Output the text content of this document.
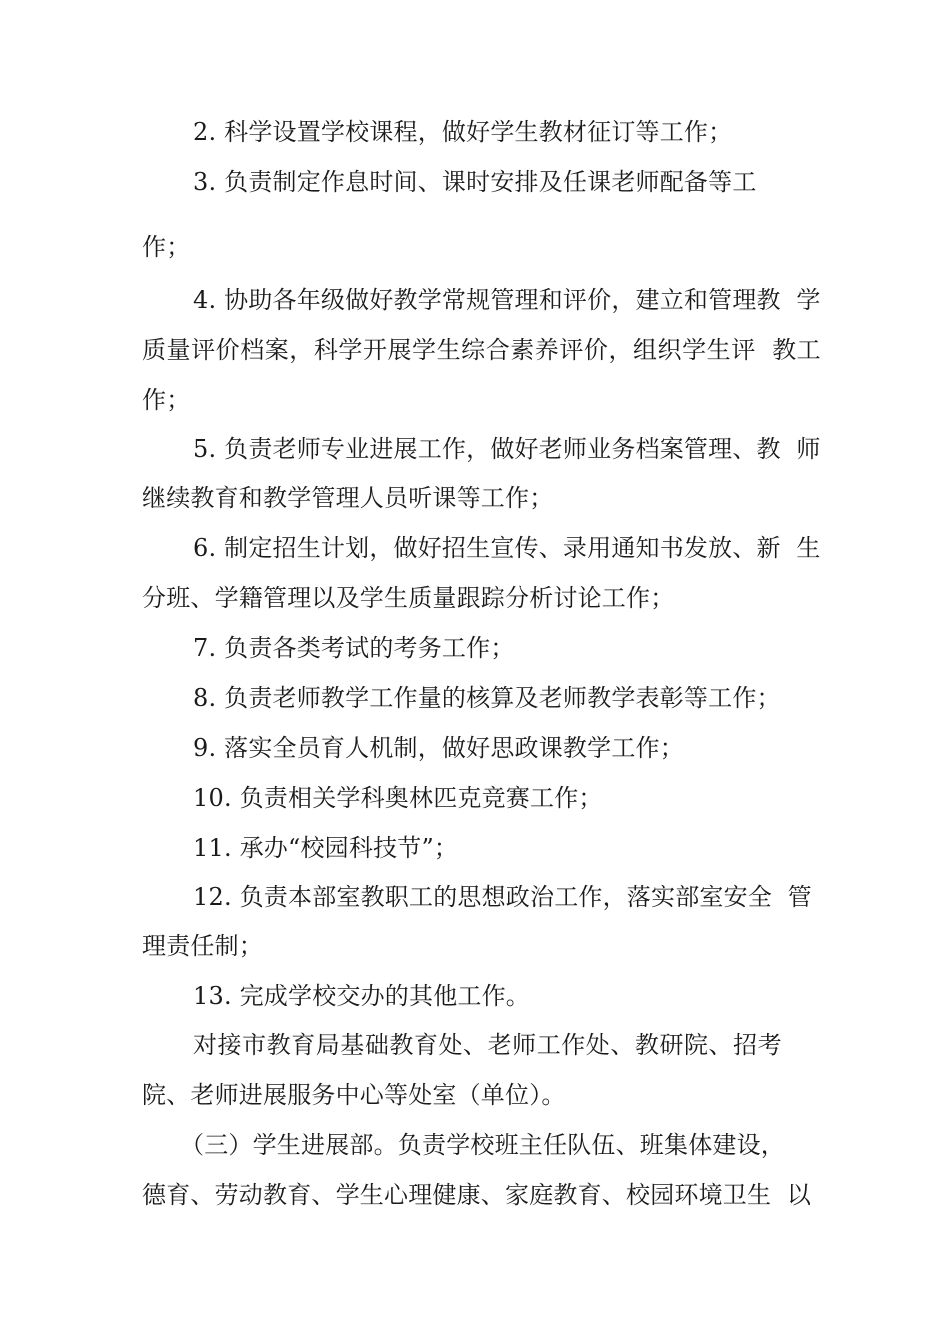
2. 科学设置学校课程，做好学生教材征订等工作；
3. 负责制定作息时间、课时安排及任课老师配备等工
作；
4. 协助各年级做好教学常规管理和评价，建立和管理教  学
质量评价档案，科学开展学生综合素养评价，组织学生评  教工
作；
5. 负责老师专业进展工作，做好老师业务档案管理、教  师
继续教育和教学管理人员听课等工作；
6. 制定招生计划，做好招生宣传、录用通知书发放、新  生
分班、学籍管理以及学生质量跟踪分析讨论工作；
7. 负责各类考试的考务工作；
8. 负责老师教学工作量的核算及老师教学表彰等工作；
9. 落实全员育人机制，做好思政课教学工作；
10. 负责相关学科奥林匹克竞赛工作；
11. 承办“校园科技节”；
12. 负责本部室教职工的思想政治工作，落实部室安全  管
理责任制；
13. 完成学校交办的其他工作。
对接市教育局基础教育处、老师工作处、教研院、招考
院、老师进展服务中心等处室（单位）。
（三）学生进展部。负责学校班主任队伍、班集体建设，
德育、劳动教育、学生心理健康、家庭教育、校园环境卫生  以
